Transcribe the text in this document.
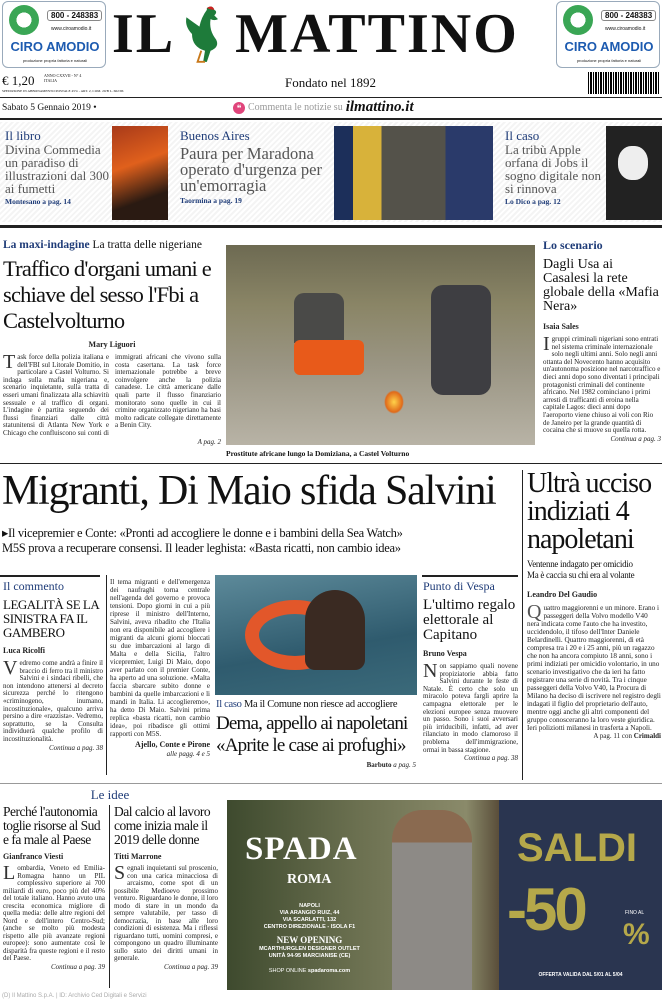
800 - 248383
www.ciroamodio.it
CIRO AMODIO
produzione propria fattoria e naturali
800 - 248383
www.ciroamodio.it
CIRO AMODIO
produzione propria fattoria e naturali
IL MATTINO
€ 1,20 ANNO CXXVII - N° 4 ITALIA
SPEDIZIONE IN ABBONAMENTO POSTALE 45% - ART. 2, COM. 20/B L. 662/96
Fondato nel 1892
Sabato 5 Gennaio 2019 •	❝ Commenta le notizie su ilmattino.it
Il libro
Divina Commedia un paradiso di illustrazioni dal 300 ai fumetti
Montesano a pag. 14
Buenos Aires
Paura per Maradona operato d'urgenza per un'emorragia
Taormina a pag. 19
Il caso
La tribù Apple orfana di Jobs il sogno digitale non si rinnova
Lo Dico a pag. 12
La maxi-indagine La tratta delle nigeriane
Traffico d'organi umani e schiave del sesso l'Fbi a Castelvolturno
Mary Liguori
Task force della polizia italiana e dell'FBI sul Litorale Domitio, in particolare a Castel Volturno. Si indaga sulla mafia nigeriana e, scenario inquietante, sulla tratta di esseri umani finalizzata alla schiavitù sessuale e al traffico di organi. L'indagine è partita seguendo dei flussi finanziari dalle città statunitensi di Atlanta New York e Chicago che confluiscono sui conti di immigrati africani che vivono sulla costa casertana. La task force internazionale potrebbe a breve coinvolgere anche la polizia canadese. Le città americane dalle quali parte il flusso finanziario monitorato sono quelle in cui il crimine organizzato nigeriano ha basi molto radicate collegate direttamente a Benin City.
A pag. 2
Prostitute africane lungo la Domiziana, a Castel Volturno
Lo scenario
Dagli Usa ai Casalesi la rete globale della «Mafia Nera»
Isaia Sales
Igruppi criminali nigeriani sono entrati nel sistema criminale internazionale solo negli ultimi anni. Solo negli anni ottanta del Novecento hanno acquisito un'autonoma posizione nel narcotraffico e dieci anni dopo sono diventati i principali protagonisti criminali del continente africano. Nel 1982 cominciano i primi arresti di trafficanti di eroina nella capitale Lagos: dieci anni dopo l'aeroporto viene chiuso ai voli con Rio de Janeiro per la grande quantità di cocaina che si muove su quella rotta.
Continua a pag. 3
Migranti, Di Maio sfida Salvini
▸Il vicepremier e Conte: «Pronti ad accogliere le donne e i bambini della Sea Watch»
M5S prova a recuperare consensi. Il leader leghista: «Basta ricatti, non cambio idea»
Ultrà ucciso indiziati 4 napoletani
Ventenne indagato per omicidio
Ma è caccia su chi era al volante
Leandro Del Gaudio
Quattro maggiorenni e un minore. Erano i passeggeri della Volvo modello V40 nera indicata come l'auto che ha investito, uccidendolo, il tifoso dell'Inter Daniele Belardinelli. Quattro maggiorenni, di età compresa tra i 20 e i 25 anni, più un ragazzo che non ha ancora compiuto 18 anni, sono i primi indiziati per omicidio volontario, in uno scenario investigativo che da ieri ha fatto registrare una serie di novità. Tra i cinque passeggeri della Volvo V40, la Procura di Milano ha deciso di iscrivere nel registro degli indagati il figlio del proprietario dell'auto, mentre oggi anche gli altri componenti del gruppo conosceranno la loro veste giuridica. Ieri poliziotti milanesi in trasferta a Napoli.
A pag. 11 con Crimaldi
Il commento
LEGALITÀ SE LA SINISTRA FA IL GAMBERO
Luca Ricolfi
Vedremo come andrà a finire il braccio di ferro tra il ministro Salvini e i sindaci ribelli, che non intendono attenersi al decreto sicurezza perché lo ritengono «criminogeno, inumano, incostituzionale», qualcuno arriva persino a dire «razzista». Vedremo, soprattutto, se la Consulta individuerà qualche profilo di incostituzionalità.
Continua a pag. 38
Il tema migranti e dell'emergenza dei naufraghi torna centrale nell'agenda del governo e provoca tensioni. Dopo giorni in cui a più riprese il ministro dell'Interno, Salvini, aveva ribadito che l'Italia non era disponibile ad accogliere i migranti da alcuni giorni bloccati su due imbarcazioni al largo di Malta e della Sicilia, l'altro vicepremier, Luigi Di Maio, dopo aver parlato con il premier Conte, ha aperto ad una soluzione. «Malta faccia sbarcare subito donne e bambini da quelle imbarcazioni e li mandi in Italia. Li accoglieremo», ha detto Di Maio. Salvini prima replica «basta ricatti, non cambio idea», poi ribadisce gli ottimi rapporti con M5S.
Ajello, Conte e Pirone
alle pagg. 4 e 5
Il caso Ma il Comune non riesce ad accogliere
Dema, appello ai napoletani
«Aprite le case ai profughi»
Barbuto a pag. 5
Punto di Vespa
L'ultimo regalo elettorale al Capitano
Bruno Vespa
Non sappiamo quali novene propiziatorie abbia fatto Salvini durante le feste di Natale. È certo che solo un miracolo poteva fargli aprire la campagna elettorale per le elezioni europee senza muovere un passo. Sono i suoi avversari più irriducibili, infatti, ad aver rilanciato in modo clamoroso il problema dell'immigrazione, ormai in bassa stagione.
Continua a pag. 38
Le idee
Perché l'autonomia toglie risorse al Sud e fa male al Paese
Gianfranco Viesti
Lombardia, Veneto ed Emilia-Romagna hanno un PIL complessivo superiore ai 700 miliardi di euro, poco più del 40% del totale italiano. Hanno avuto una crescita economica migliore di quella media: delle altre regioni del Nord e dell'intero Centro-Sud; (anche se molto più modesta rispetto alle più avanzate regioni europee): sono aumentate così le disparità fra queste regioni e il resto del Paese.
Continua a pag. 39
Dal calcio al lavoro come inizia male il 2019 delle donne
Titti Marrone
Segnali inquietanti sul proscenio, con una carica minacciosa di arcaismo, come spot di un possibile Medioevo prossimo venturo. Riguardano le donne, il loro modo di stare in un mondo da sempre valutabile, per tasso di democrazia, in base alle loro condizioni di esistenza. Ma i riflessi riguardano tutti, uomini compresi, e compongono un quadro illuminante sullo stato dei diritti umani in generale.
Continua a pag. 39
SPADA
ROMA
NAPOLI
VIA ARANGIO RUIZ, 44
VIA SCARLATTI, 132
CENTRO DIREZIONALE - ISOLA F1
NEW OPENING
MCARTHURGLEN DESIGNER OUTLET
UNITÀ 94-95 MARCIANISE (CE)
SHOP ONLINE spadaroma.com
SALDI
-50	FINO AL
%
OFFERTA VALIDA DAL 5/01 AL 5/04
(D) Il Mattino S.p.A. | ID: Archivio Ced Digitali e Servizi
